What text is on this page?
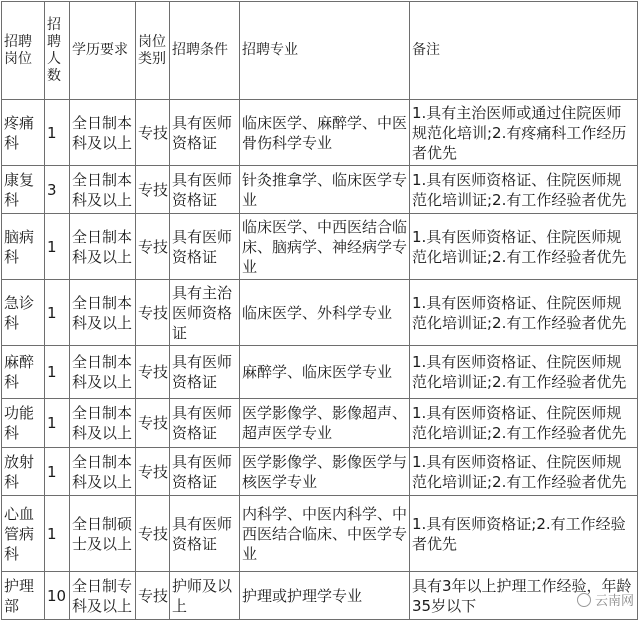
招聘岗位	招聘人数	学历要求	岗位类别	招聘条件	招聘专业	备注
疼痛科	1	全日制本科及以上	专技	具有医师资格证	临床医学、麻醉学、中医骨伤科学专业	1.具有主治医师或通过住院医师规范化培训;2.有疼痛科工作经历者优先
康复科	3	全日制本科及以上	专技	具有医师资格证	针灸推拿学、临床医学专业	1.具有医师资格证、住院医师规范化培训证;2.有工作经验者优先
脑病科	1	全日制本科及以上	专技	具有医师资格证	临床医学、中西医结合临床、脑病学、神经病学专业	1.具有医师资格证、住院医师规范化培训证;2.有工作经验者优先
急诊科	1	全日制本科及以上	专技	具有主治医师资格证	临床医学、外科学专业	1.具有医师资格证、住院医师规范化培训证;2.有工作经验者优先
麻醉科	1	全日制本科及以上	专技	具有医师资格证	麻醉学、临床医学专业	1.具有医师资格证、住院医师规范化培训证;2.有工作经验者优先
功能科	1	全日制本科及以上	专技	具有医师资格证	医学影像学、影像超声、超声医学专业	1.具有医师资格证、住院医师规范化培训证;2.有工作经验者优先
放射科	1	全日制本科及以上	专技	具有医师资格证	医学影像学、影像医学与核医学专业	1.具有医师资格证、住院医师规范化培训证;2.有工作经验者优先
心血管病科	1	全日制硕士及以上	专技	具有医师资格证	内科学、中医内科学、中西医结合临床、中医学专业	1.具有医师资格证;2.有工作经验者优先
护理部	10	全日制专科及以上	专技	护师及以上	护理或护理学专业	具有3年以上护理工作经验，年龄35岁以下	云南网
